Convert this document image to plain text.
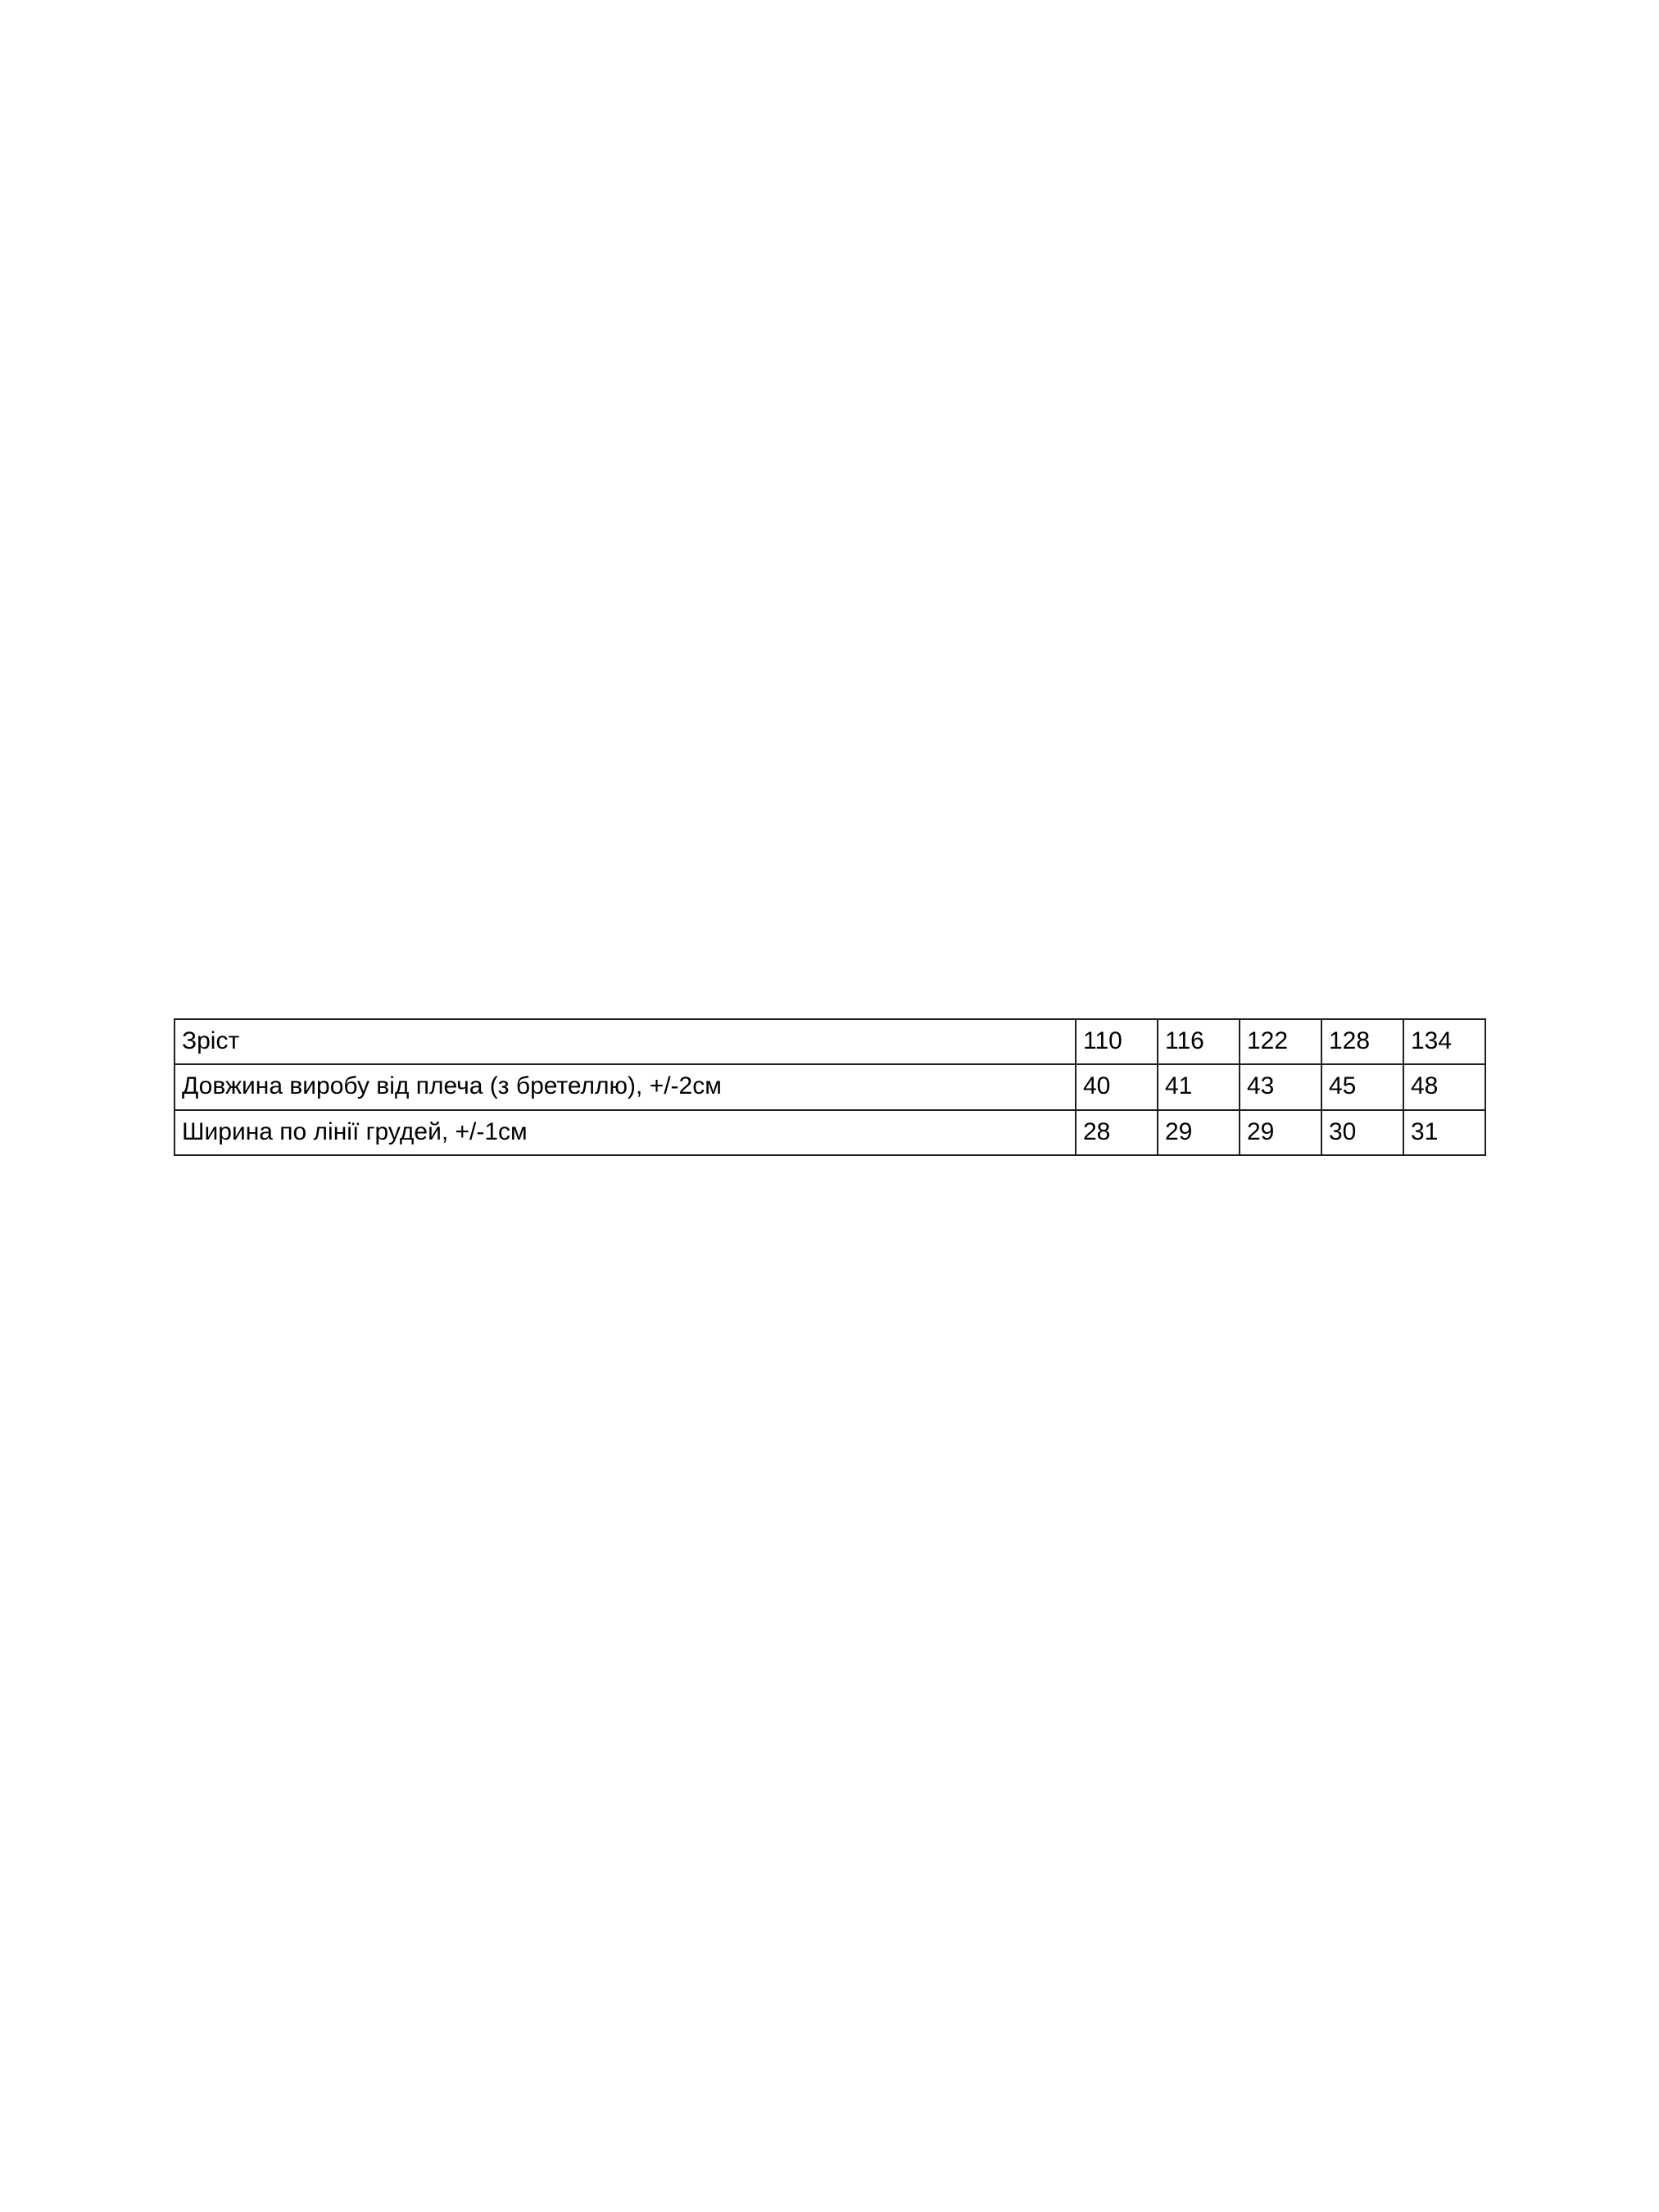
Зріст	110	116	122	128	134
Довжина виробу від плеча (з бретеллю), +/-2см	40	41	43	45	48
Ширина по лінії грудей, +/-1см	28	29	29	30	31
